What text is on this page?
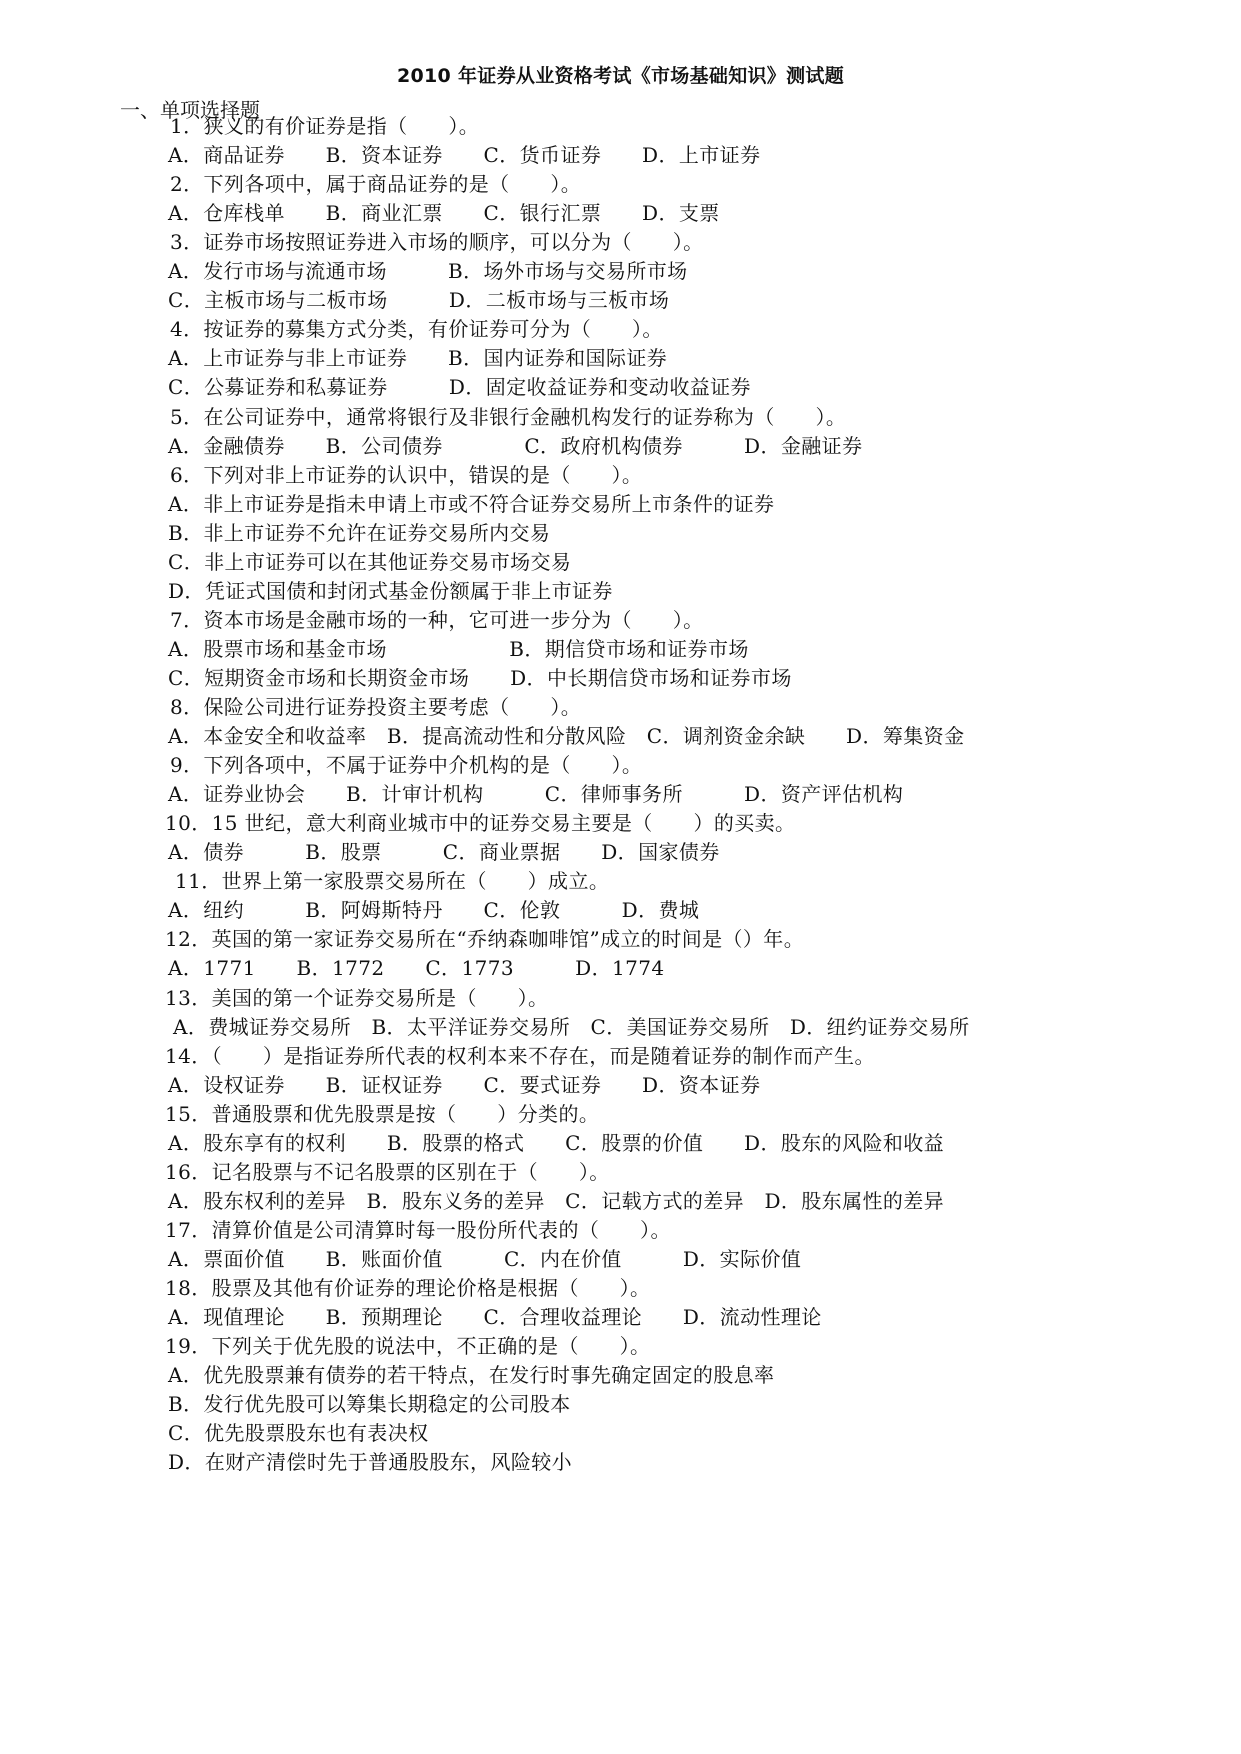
2010 年证券从业资格考试《市场基础知识》测试题
一、单项选择题
1．狭义的有价证券是指（　　）。
A．商品证券　　B．资本证券　　C．货币证券　　D．上市证券
2．下列各项中，属于商品证券的是（　　）。
A．仓库栈单　　B．商业汇票　　C．银行汇票　　D．支票
3．证券市场按照证券进入市场的顺序，可以分为（　　）。
A．发行市场与流通市场　　　B．场外市场与交易所市场
C．主板市场与二板市场　　　D．二板市场与三板市场
4．按证券的募集方式分类，有价证券可分为（　　）。
A．上市证券与非上市证券　　B．国内证券和国际证券
C．公募证券和私募证券　　　D．固定收益证券和变动收益证券
5．在公司证券中，通常将银行及非银行金融机构发行的证券称为（　　）。
A．金融债券　　B．公司债券　　　　C．政府机构债券　　　D．金融证券
6．下列对非上市证券的认识中，错误的是（　　）。
A．非上市证券是指未申请上市或不符合证券交易所上市条件的证券
B．非上市证券不允许在证券交易所内交易
C．非上市证券可以在其他证券交易市场交易
D．凭证式国债和封闭式基金份额属于非上市证券
7．资本市场是金融市场的一种，它可进一步分为（　　）。
A．股票市场和基金市场　　　　　　B．期信贷市场和证券市场
C．短期资金市场和长期资金市场　　D．中长期信贷市场和证券市场
8．保险公司进行证券投资主要考虑（　　）。
A．本金安全和收益率　B．提高流动性和分散风险　C．调剂资金余缺　　D．筹集资金
9．下列各项中，不属于证券中介机构的是（　　）。
A．证券业协会　　B．计审计机构　　　C．律师事务所　　　D．资产评估机构
10．15 世纪，意大利商业城市中的证券交易主要是（　　）的买卖。
A．债券　　　B．股票　　　C．商业票据　　D．国家债券
11．世界上第一家股票交易所在（　　）成立。
A．纽约　　　B．阿姆斯特丹　　C．伦敦　　　D．费城
12．英国的第一家证券交易所在“乔纳森咖啡馆”成立的时间是（）年。
A．1771　　B．1772　　C．1773　　　D．1774
13．美国的第一个证券交易所是（　　）。
A．费城证券交易所　B．太平洋证券交易所　C．美国证券交易所　D．纽约证券交易所
14．（　　）是指证券所代表的权利本来不存在，而是随着证券的制作而产生。
A．设权证券　　B．证权证券　　C．要式证券　　D．资本证券
15．普通股票和优先股票是按（　　）分类的。
A．股东享有的权利　　B．股票的格式　　C．股票的价值　　D．股东的风险和收益
16．记名股票与不记名股票的区别在于（　　）。
A．股东权利的差异　B．股东义务的差异　C．记载方式的差异　D．股东属性的差异
17．清算价值是公司清算时每一股份所代表的（　　）。
A．票面价值　　B．账面价值　　　C．内在价值　　　D．实际价值
18．股票及其他有价证券的理论价格是根据（　　）。
A．现值理论　　B．预期理论　　C．合理收益理论　　D．流动性理论
19．下列关于优先股的说法中，不正确的是（　　）。
A．优先股票兼有债券的若干特点，在发行时事先确定固定的股息率
B．发行优先股可以筹集长期稳定的公司股本
C．优先股票股东也有表决权
D．在财产清偿时先于普通股股东，风险较小
